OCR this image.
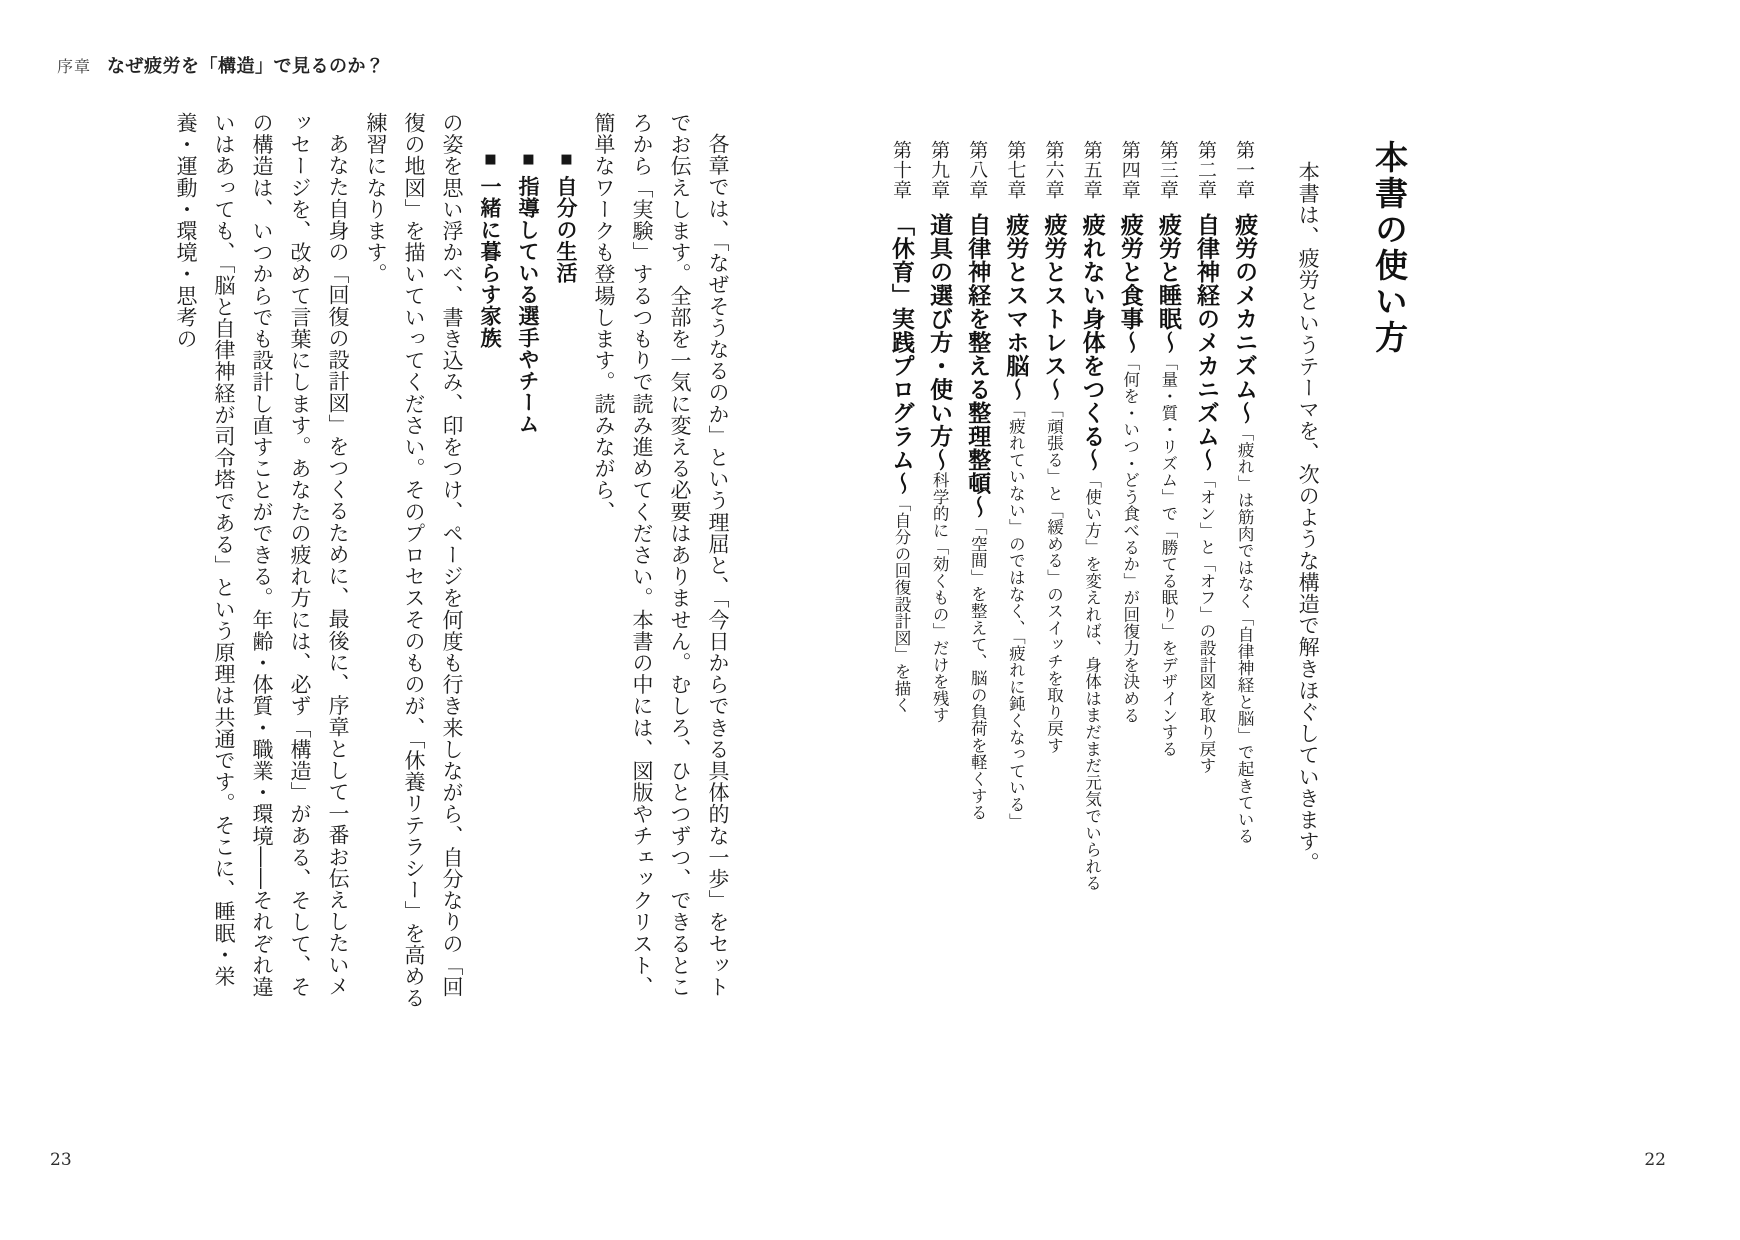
序章 なぜ疲労を「構造」で見るのか？

各章では、「なぜそうなるのか」という理屈と、「今日からできる具体的な一歩」をセットでお伝えします。全部を一気に変える必要はありません。むしろ、ひとつずつ、できるところから「実験」するつもりで読み進めてください。本書の中には、図版やチェックリスト、簡単なワークも登場します。読みながら、

■自分の生活
■指導している選手やチーム
■一緒に暮らす家族

の姿を思い浮かべ、書き込み、印をつけ、ページを何度も行き来しながら、自分なりの「回復の地図」を描いていってください。そのプロセスそのものが、「休養リテラシー」を高める練習になります。

あなた自身の「回復の設計図」をつくるために、最後に、序章として一番お伝えしたいメッセージを、改めて言葉にします。あなたの疲れ方には、必ず「構造」がある、そして、その構造は、いつからでも設計し直すことができる。年齢・体質・職業・環境――それぞれ違いはあっても、「脳と自律神経が司令塔である」という原理は共通です。そこに、睡眠・栄養・運動・環境・思考の

23
本書の使い方

本書は、疲労というテーマを、次のような構造で解きほぐしていきます。

第一章疲労のメカニズム～「疲れ」は筋肉ではなく「自律神経と脳」で起きている
第二章自律神経のメカニズム～「オン」と「オフ」の設計図を取り戻す
第三章疲労と睡眠～「量・質・リズム」で「勝てる眠り」をデザインする
第四章疲労と食事～「何を・いつ・どう食べるか」が回復力を決める
第五章疲れない身体をつくる～「使い方」を変えれば、身体はまだまだ元気でいられる
第六章疲労とストレス～「頑張る」と「緩める」のスイッチを取り戻す
第七章疲労とスマホ脳～「疲れていない」のではなく、「疲れに鈍くなっている」
第八章自律神経を整える整理整頓～「空間」を整えて、脳の負荷を軽くする
第九章道具の選び方・使い方～科学的に「効くもの」だけを残す
第十章「休育」実践プログラム～「自分の回復設計図」を描く
22
